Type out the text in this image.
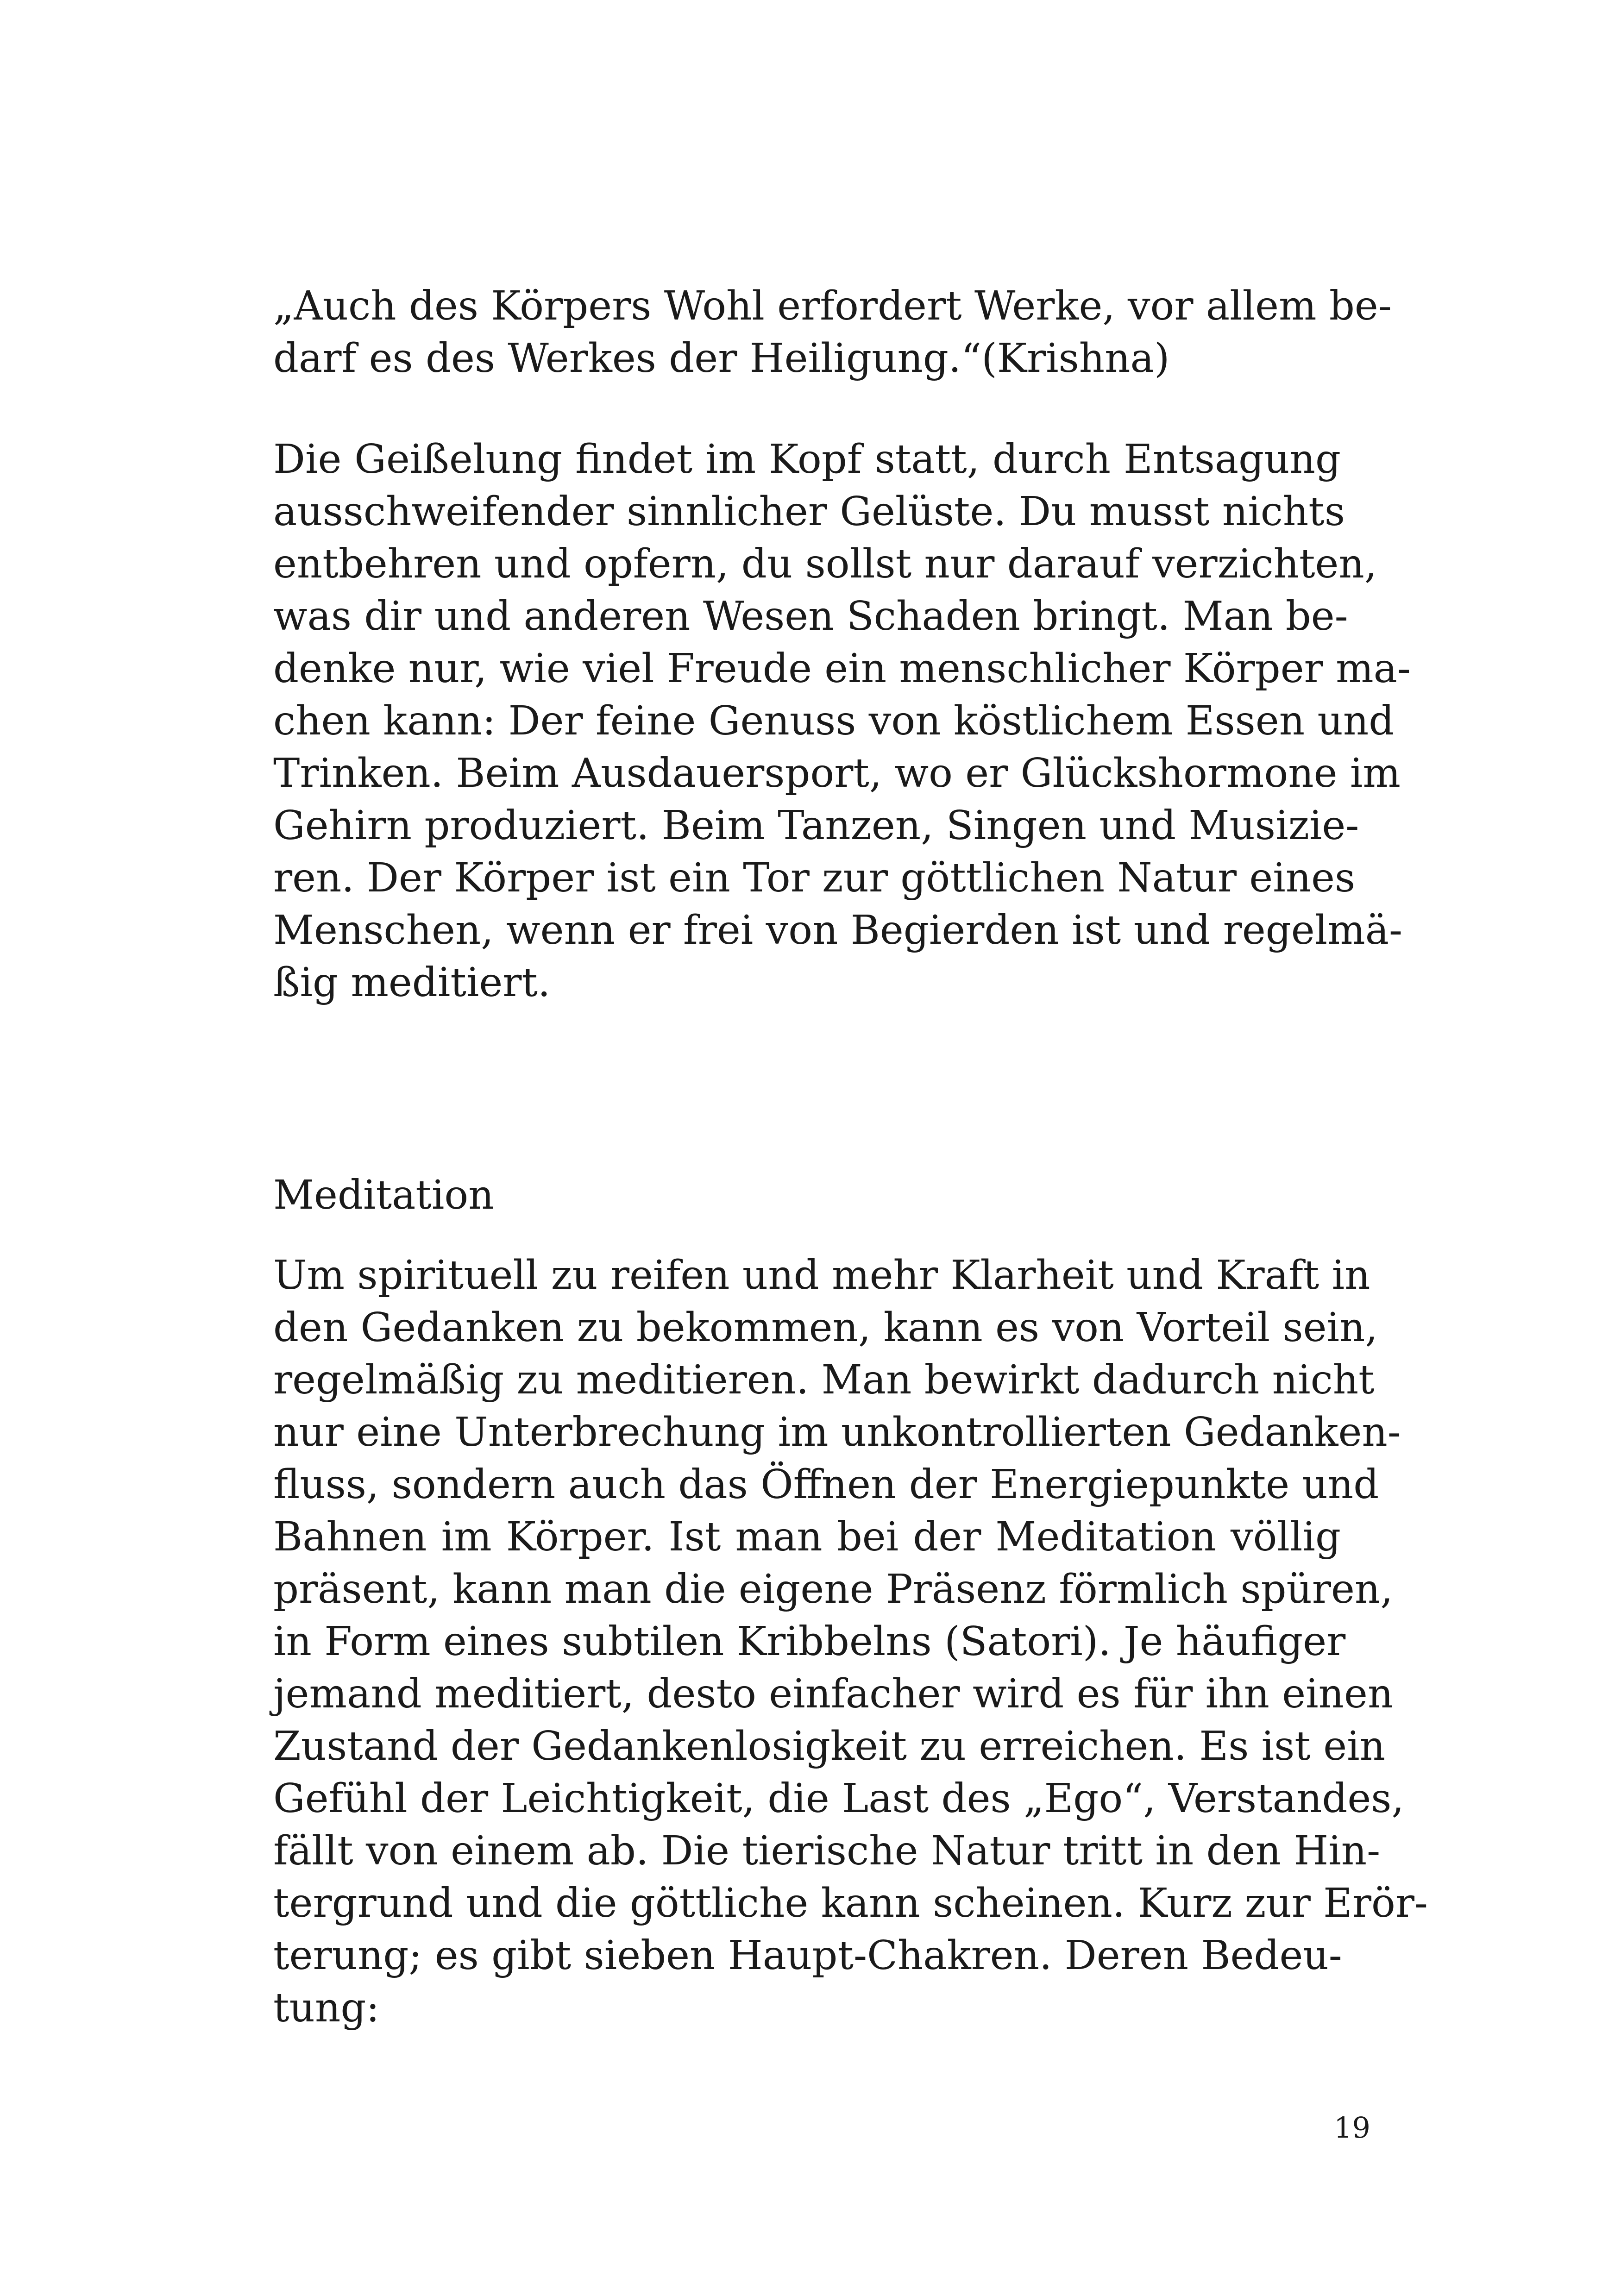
„Auch des Körpers Wohl erfordert Werke, vor allem be-
darf es des Werkes der Heiligung.“(Krishna)
Die Geißelung findet im Kopf statt, durch Entsagung
ausschweifender sinnlicher Gelüste. Du musst nichts
entbehren und opfern, du sollst nur darauf verzichten,
was dir und anderen Wesen Schaden bringt. Man be-
denke nur, wie viel Freude ein menschlicher Körper ma-
chen kann: Der feine Genuss von köstlichem Essen und
Trinken. Beim Ausdauersport, wo er Glückshormone im
Gehirn produziert. Beim Tanzen, Singen und Musizie-
ren. Der Körper ist ein Tor zur göttlichen Natur eines
Menschen, wenn er frei von Begierden ist und regelmä-
ßig meditiert.
Meditation
Um spirituell zu reifen und mehr Klarheit und Kraft in
den Gedanken zu bekommen, kann es von Vorteil sein,
regelmäßig zu meditieren. Man bewirkt dadurch nicht
nur eine Unterbrechung im unkontrollierten Gedanken-
fluss, sondern auch das Öffnen der Energiepunkte und
Bahnen im Körper. Ist man bei der Meditation völlig
präsent, kann man die eigene Präsenz förmlich spüren,
in Form eines subtilen Kribbelns (Satori). Je häufiger
jemand meditiert, desto einfacher wird es für ihn einen
Zustand der Gedankenlosigkeit zu erreichen. Es ist ein
Gefühl der Leichtigkeit, die Last des „Ego“, Verstandes,
fällt von einem ab. Die tierische Natur tritt in den Hin-
tergrund und die göttliche kann scheinen. Kurz zur Erör-
terung; es gibt sieben Haupt-Chakren. Deren Bedeu-
tung:
19
